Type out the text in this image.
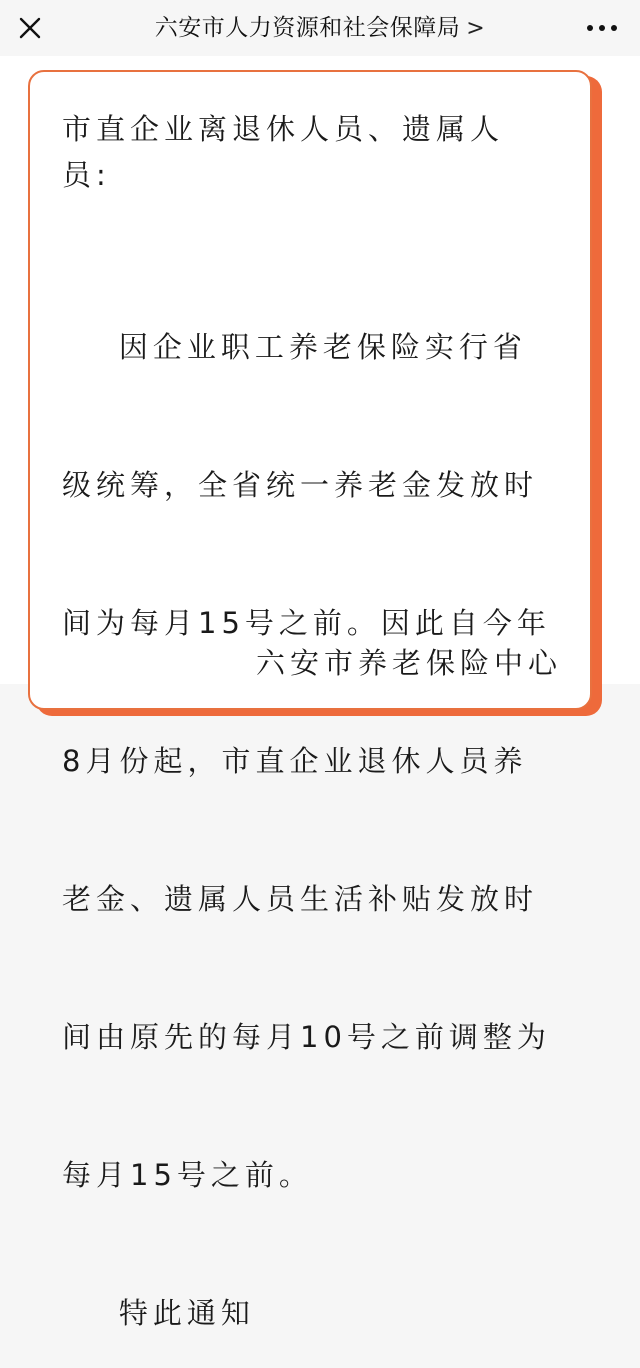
六安市人力资源和社会保障局 >
市直企业离退休人员、遗属人
员:

因企业职工养老保险实行省

级统筹，全省统一养老金发放时

间为每月15号之前。因此自今年

8月份起，市直企业退休人员养

老金、遗属人员生活补贴发放时

间由原先的每月10号之前调整为

每月15号之前。

特此通知

六安市养老保险中心
